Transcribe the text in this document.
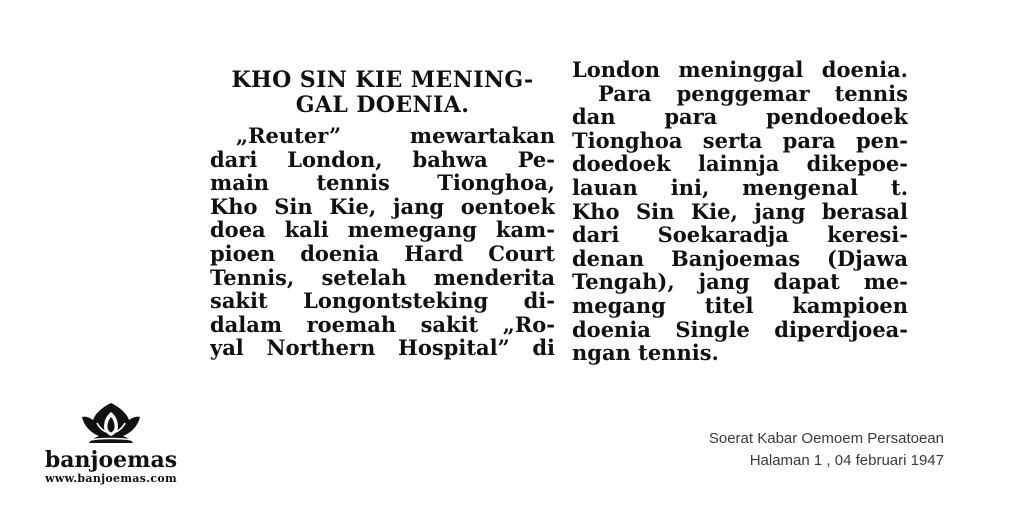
KHO SIN KIE MENING-
GAL DOENIA.
„Reuter” mewartakan
dari London, bahwa Pe-
main tennis Tionghoa,
Kho Sin Kie, jang oentoek
doea kali memegang kam-
pioen doenia Hard Court
Tennis, setelah menderita
sakit Longontsteking di-
dalam roemah sakit „Ro-
yal Northern Hospital” di
London meninggal doenia.
Para penggemar tennis
dan para pendoedoek
Tionghoa serta para pen-
doedoek lainnja dikepoe-
lauan ini, mengenal t.
Kho Sin Kie, jang berasal
dari Soekaradja keresi-
denan Banjoemas (Djawa
Tengah), jang dapat me-
megang titel kampioen
doenia Single diperdjoea-
ngan tennis.
banjoemas
www.banjoemas.com
Soerat Kabar Oemoem Persatoean
Halaman 1 , 04 februari 1947
